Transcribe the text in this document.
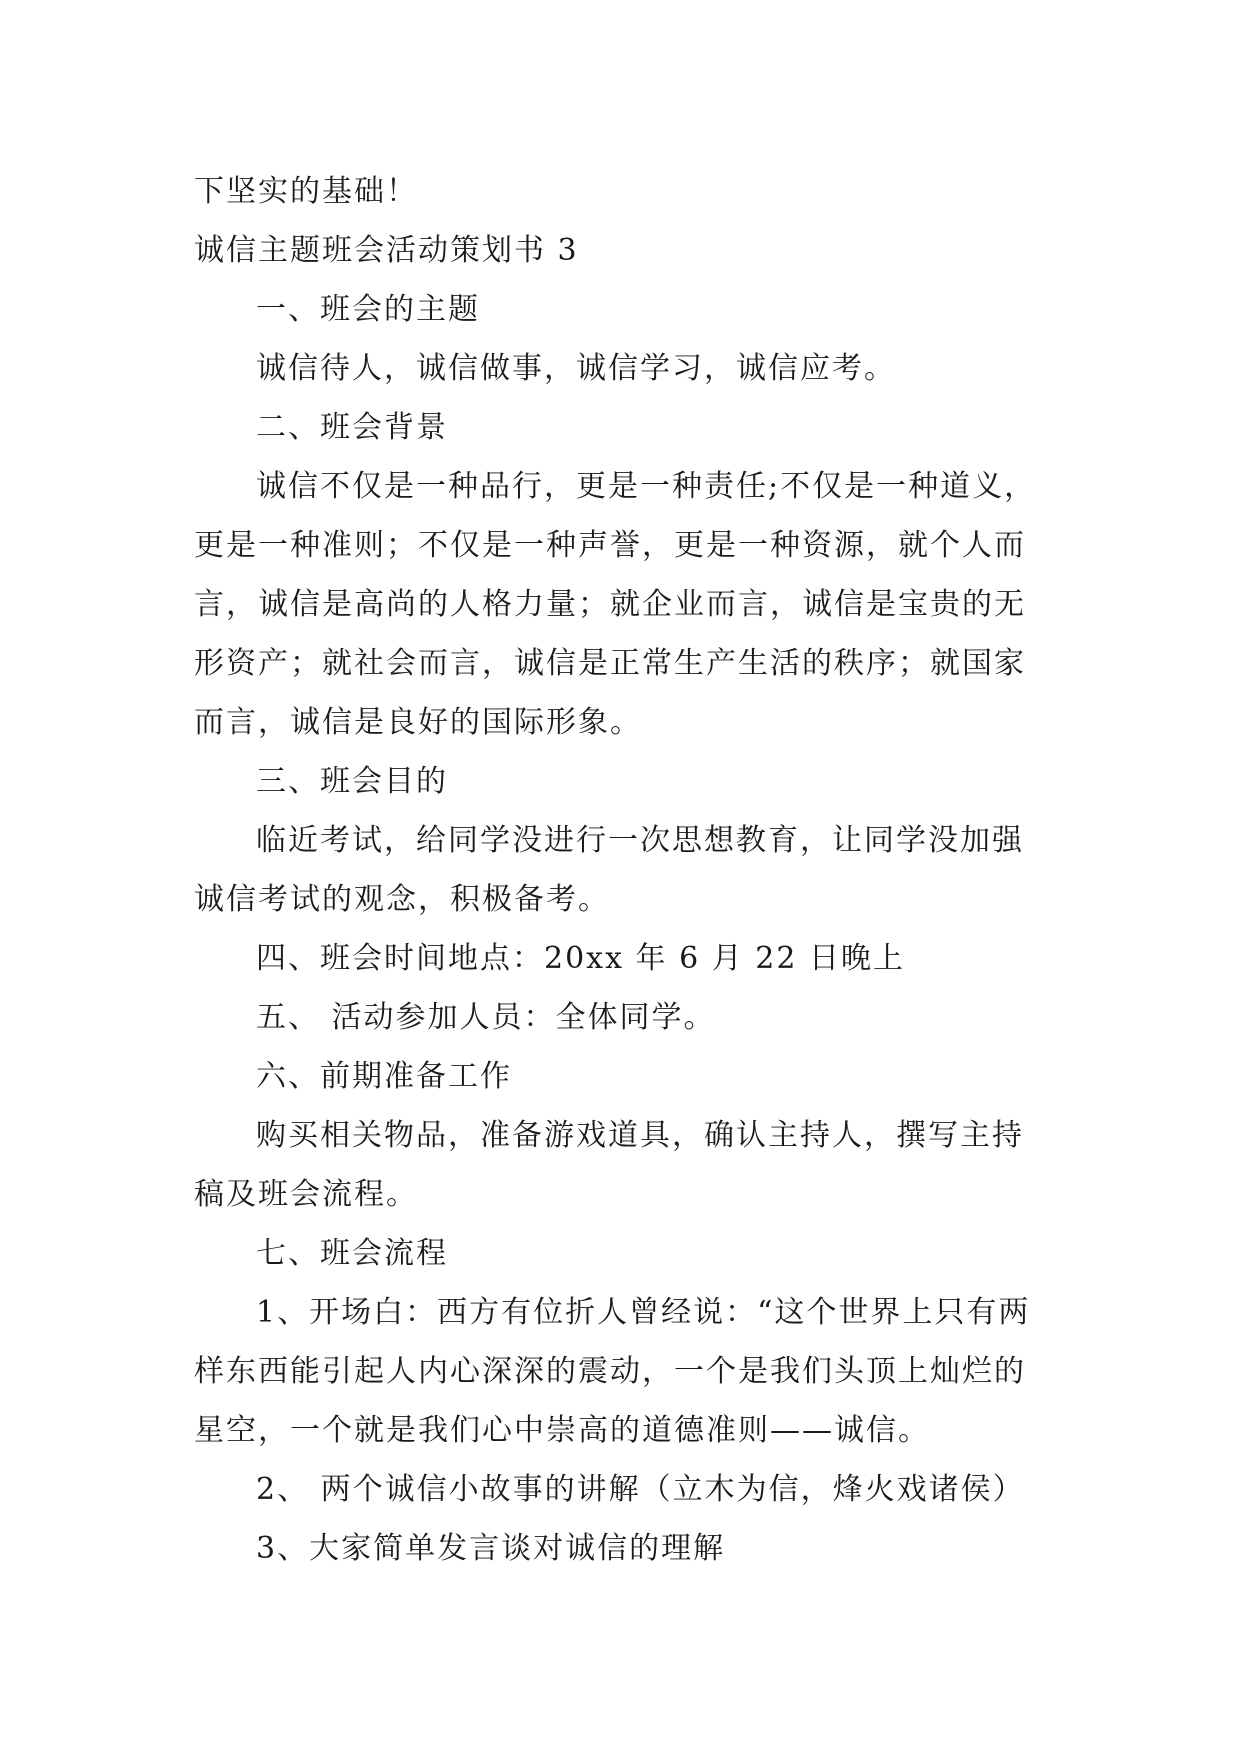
下坚实的基础！

诚信主题班会活动策划书 3

一、班会的主题

诚信待人，诚信做事，诚信学习，诚信应考。

二、班会背景

诚信不仅是一种品行，更是一种责任;不仅是一种道义，

更是一种准则；不仅是一种声誉，更是一种资源，就个人而

言，诚信是高尚的人格力量；就企业而言，诚信是宝贵的无

形资产；就社会而言，诚信是正常生产生活的秩序；就国家

而言，诚信是良好的国际形象。

三、班会目的

临近考试，给同学没进行一次思想教育，让同学没加强

诚信考试的观念，积极备考。

四、班会时间地点：20xx 年 6 月 22 日晚上

五、 活动参加人员：全体同学。

六、前期准备工作

购买相关物品，准备游戏道具，确认主持人，撰写主持

稿及班会流程。

七、班会流程

1、开场白：西方有位折人曾经说：“这个世界上只有两

样东西能引起人内心深深的震动，一个是我们头顶上灿烂的

星空，一个就是我们心中崇高的道德准则——诚信。

2、 两个诚信小故事的讲解（立木为信，烽火戏诸侯）

3、大家简单发言谈对诚信的理解
